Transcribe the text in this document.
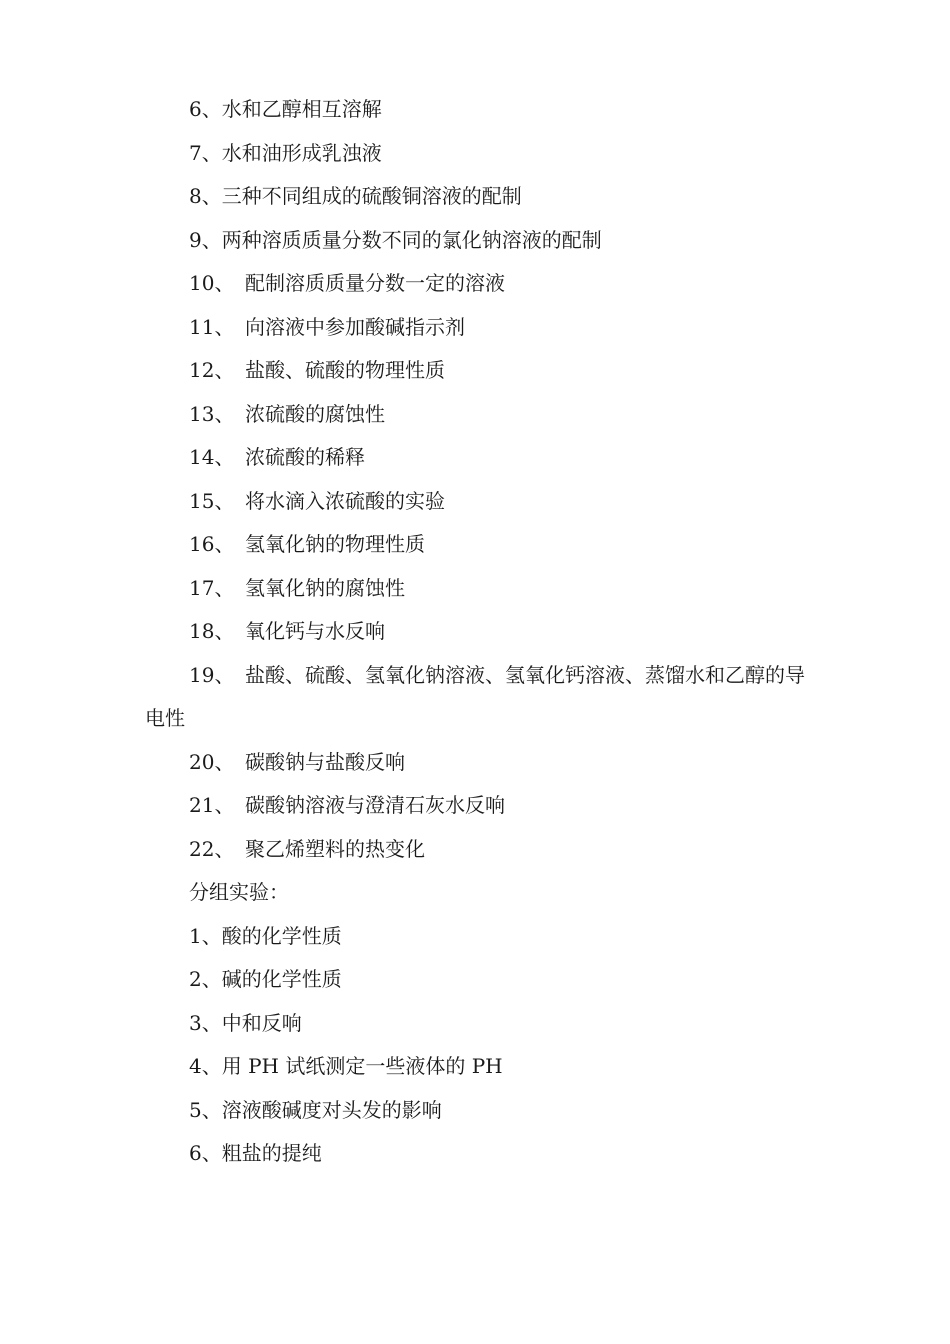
6、水和乙醇相互溶解
7、水和油形成乳浊液
8、三种不同组成的硫酸铜溶液的配制
9、两种溶质质量分数不同的氯化钠溶液的配制
10、 配制溶质质量分数一定的溶液
11、 向溶液中参加酸碱指示剂
12、 盐酸、硫酸的物理性质
13、 浓硫酸的腐蚀性
14、 浓硫酸的稀释
15、 将水滴入浓硫酸的实验
16、 氢氧化钠的物理性质
17、 氢氧化钠的腐蚀性
18、 氧化钙与水反响
19、 盐酸、硫酸、氢氧化钠溶液、氢氧化钙溶液、蒸馏水和乙醇的导电性
20、 碳酸钠与盐酸反响
21、 碳酸钠溶液与澄清石灰水反响
22、 聚乙烯塑料的热变化
分组实验：
1、酸的化学性质
2、碱的化学性质
3、中和反响
4、用 PH 试纸测定一些液体的 PH
5、溶液酸碱度对头发的影响
6、粗盐的提纯
